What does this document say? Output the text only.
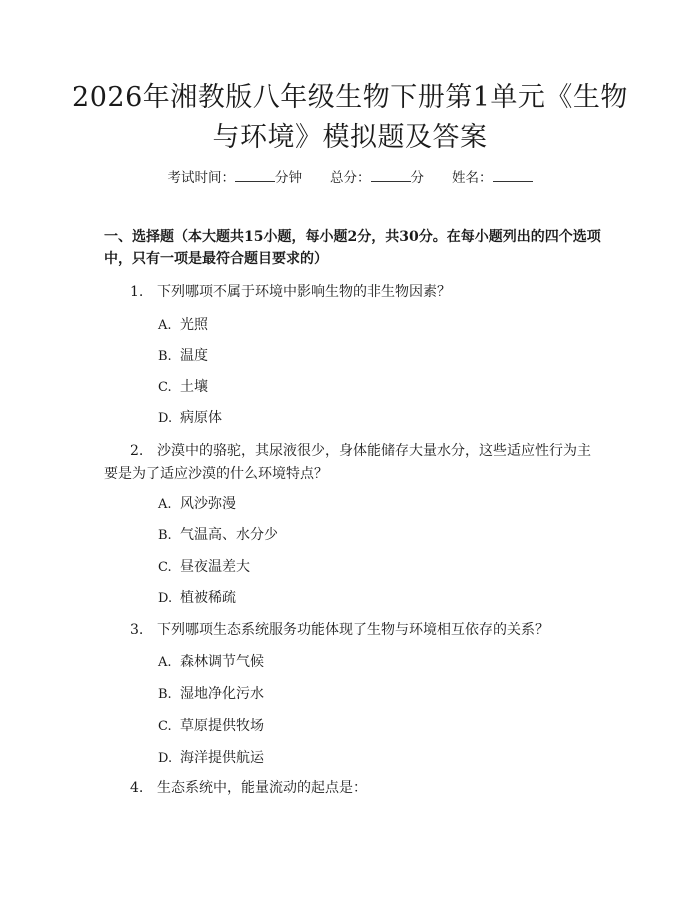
2026年湘教版八年级生物下册第1单元《生物与环境》模拟题及答案
考试时间：	分钟 总分：	分 姓名：

一、选择题（本大题共15小题，每小题2分，共30分。在每小题列出的四个选项中，只有一项是最符合题目要求的）

1. 下列哪项不属于环境中影响生物的非生物因素？

A. 光照

B. 温度

C. 土壤

D. 病原体

2. 沙漠中的骆驼，其尿液很少，身体能储存大量水分，这些适应性行为主要是为了适应沙漠的什么环境特点？

A. 风沙弥漫

B. 气温高、水分少

C. 昼夜温差大

D. 植被稀疏

3. 下列哪项生态系统服务功能体现了生物与环境相互依存的关系？

A. 森林调节气候

B. 湿地净化污水

C. 草原提供牧场

D. 海洋提供航运

4. 生态系统中，能量流动的起点是：
